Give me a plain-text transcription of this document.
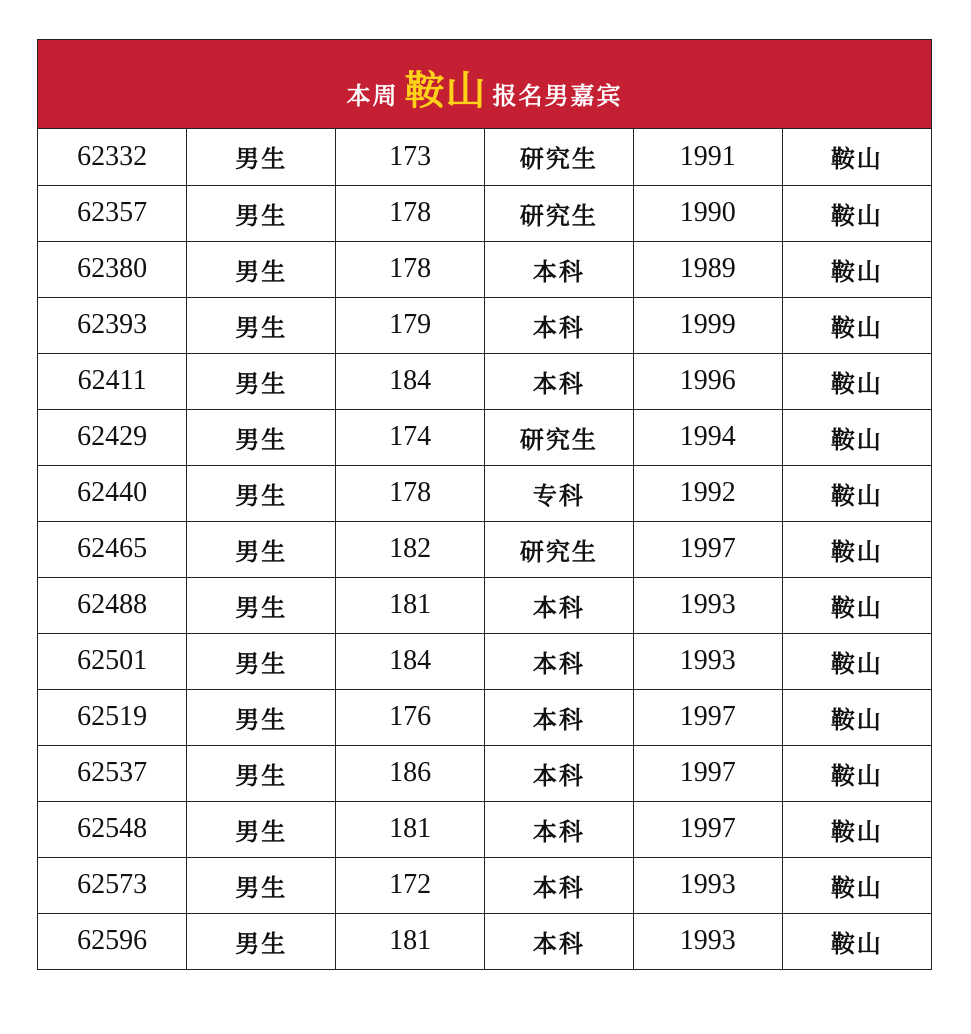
本周 鞍山 报名男嘉宾
62332	男生	173	研究生	1991	鞍山
62357	男生	178	研究生	1990	鞍山
62380	男生	178	本科	1989	鞍山
62393	男生	179	本科	1999	鞍山
62411	男生	184	本科	1996	鞍山
62429	男生	174	研究生	1994	鞍山
62440	男生	178	专科	1992	鞍山
62465	男生	182	研究生	1997	鞍山
62488	男生	181	本科	1993	鞍山
62501	男生	184	本科	1993	鞍山
62519	男生	176	本科	1997	鞍山
62537	男生	186	本科	1997	鞍山
62548	男生	181	本科	1997	鞍山
62573	男生	172	本科	1993	鞍山
62596	男生	181	本科	1993	鞍山
